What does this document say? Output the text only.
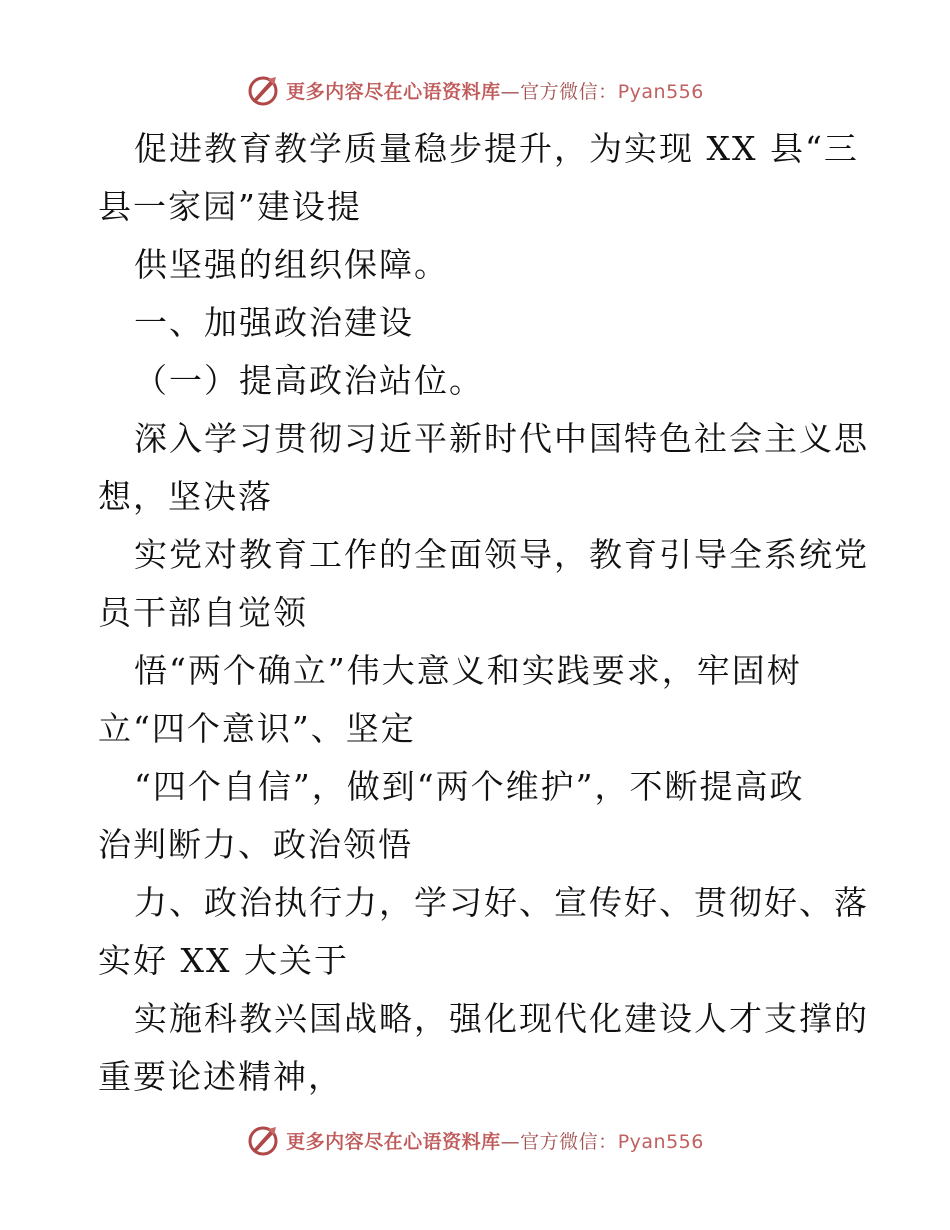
更多内容尽在心语资料库—官方微信：Pyan556
促进教育教学质量稳步提升，为实现 XX 县“三
县一家园”建设提
供坚强的组织保障。
一、加强政治建设
（一）提高政治站位。
深入学习贯彻习近平新时代中国特色社会主义思
想，坚决落
实党对教育工作的全面领导，教育引导全系统党
员干部自觉领
悟“两个确立”伟大意义和实践要求，牢固树
立“四个意识”、坚定
“四个自信”，做到“两个维护”，不断提高政
治判断力、政治领悟
力、政治执行力，学习好、宣传好、贯彻好、落
实好 XX 大关于
实施科教兴国战略，强化现代化建设人才支撑的
重要论述精神，
更多内容尽在心语资料库—官方微信：Pyan556
